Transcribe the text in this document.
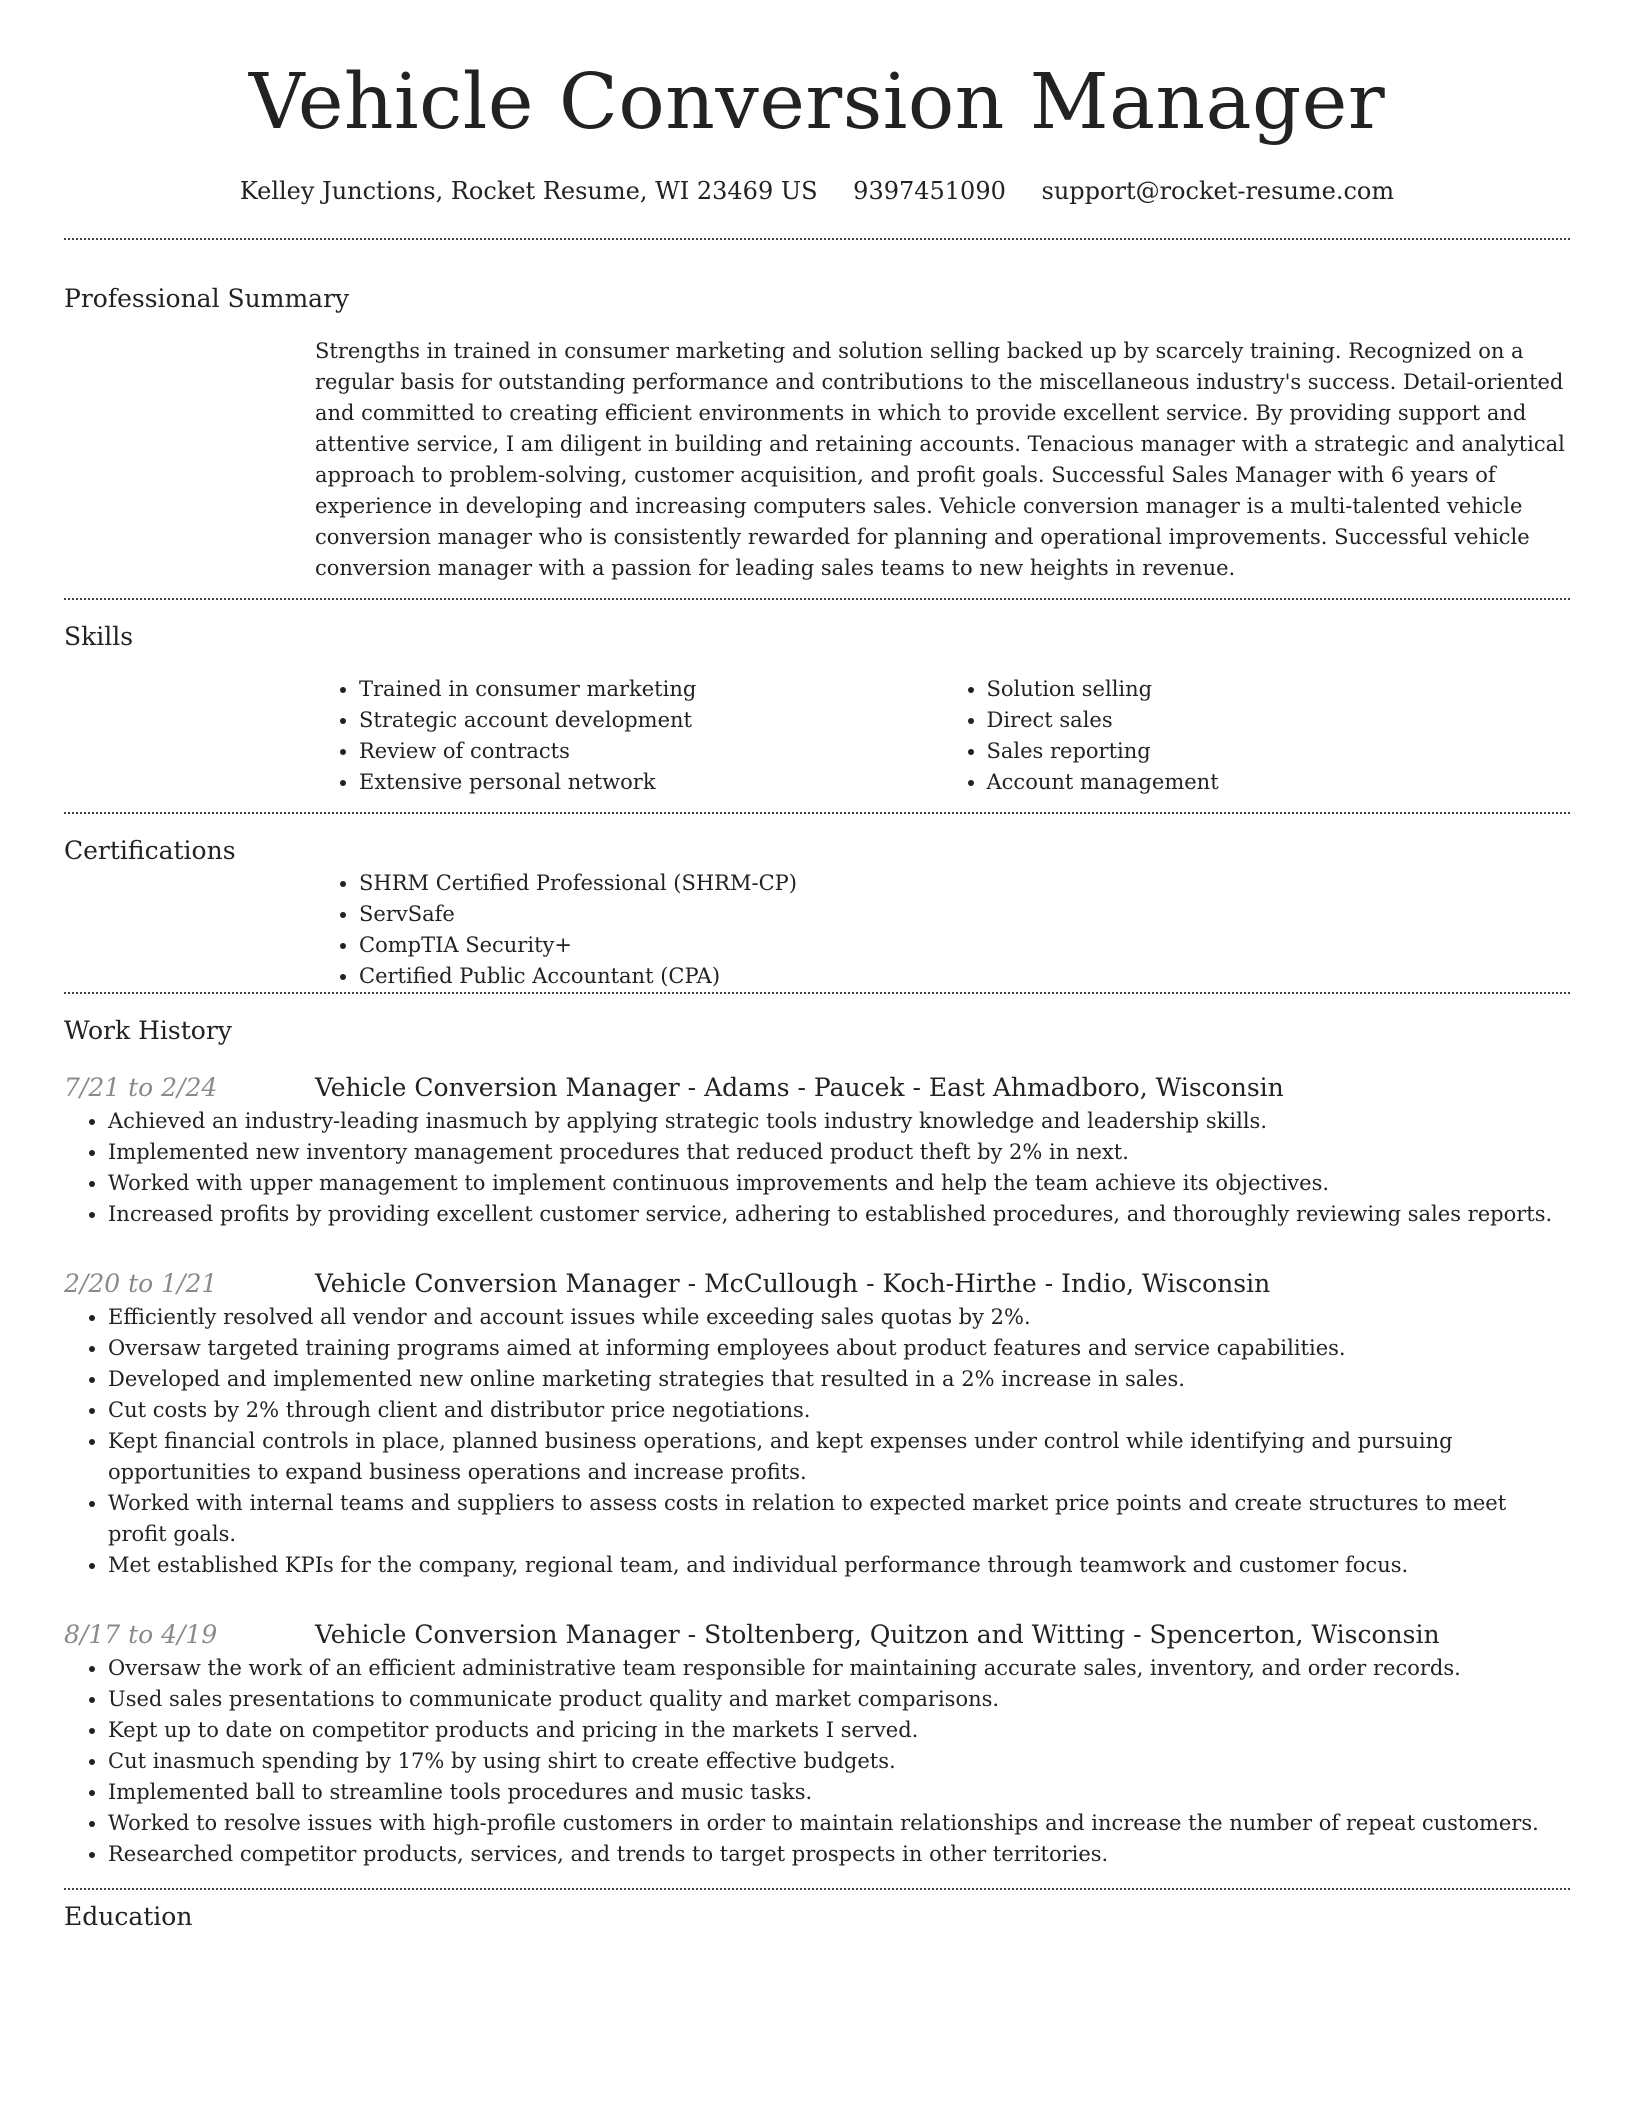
Vehicle Conversion Manager
Kelley Junctions, Rocket Resume, WI 23469 US 9397451090 support@rocket-resume.com
Professional Summary

Strengths in trained in consumer marketing and solution selling backed up by scarcely training. Recognized on a regular basis for outstanding performance and contributions to the miscellaneous industry's success. Detail-oriented and committed to creating efficient environments in which to provide excellent service. By providing support and attentive service, I am diligent in building and retaining accounts. Tenacious manager with a strategic and analytical approach to problem-solving, customer acquisition, and profit goals. Successful Sales Manager with 6 years of experience in developing and increasing computers sales. Vehicle conversion manager is a multi-talented vehicle conversion manager who is consistently rewarded for planning and operational improvements. Successful vehicle conversion manager with a passion for leading sales teams to new heights in revenue.

Skills
• Trained in consumer marketing
• Strategic account development
• Review of contracts
• Extensive personal network
• Solution selling
• Direct sales
• Sales reporting
• Account management
Certifications
• SHRM Certified Professional (SHRM-CP)
• ServSafe
• CompTIA Security+
• Certified Public Accountant (CPA)
Work History
7/21 to 2/24	Vehicle Conversion Manager - Adams - Paucek - East Ahmadboro, Wisconsin
• Achieved an industry-leading inasmuch by applying strategic tools industry knowledge and leadership skills.
• Implemented new inventory management procedures that reduced product theft by 2% in next.
• Worked with upper management to implement continuous improvements and help the team achieve its objectives.
• Increased profits by providing excellent customer service, adhering to established procedures, and thoroughly reviewing sales reports.
2/20 to 1/21	Vehicle Conversion Manager - McCullough - Koch-Hirthe - Indio, Wisconsin
• Efficiently resolved all vendor and account issues while exceeding sales quotas by 2%.
• Oversaw targeted training programs aimed at informing employees about product features and service capabilities.
• Developed and implemented new online marketing strategies that resulted in a 2% increase in sales.
• Cut costs by 2% through client and distributor price negotiations.
• Kept financial controls in place, planned business operations, and kept expenses under control while identifying and pursuing opportunities to expand business operations and increase profits.
• Worked with internal teams and suppliers to assess costs in relation to expected market price points and create structures to meet profit goals.
• Met established KPIs for the company, regional team, and individual performance through teamwork and customer focus.
8/17 to 4/19	Vehicle Conversion Manager - Stoltenberg, Quitzon and Witting - Spencerton, Wisconsin
• Oversaw the work of an efficient administrative team responsible for maintaining accurate sales, inventory, and order records.
• Used sales presentations to communicate product quality and market comparisons.
• Kept up to date on competitor products and pricing in the markets I served.
• Cut inasmuch spending by 17% by using shirt to create effective budgets.
• Implemented ball to streamline tools procedures and music tasks.
• Worked to resolve issues with high-profile customers in order to maintain relationships and increase the number of repeat customers.
• Researched competitor products, services, and trends to target prospects in other territories.
Education
